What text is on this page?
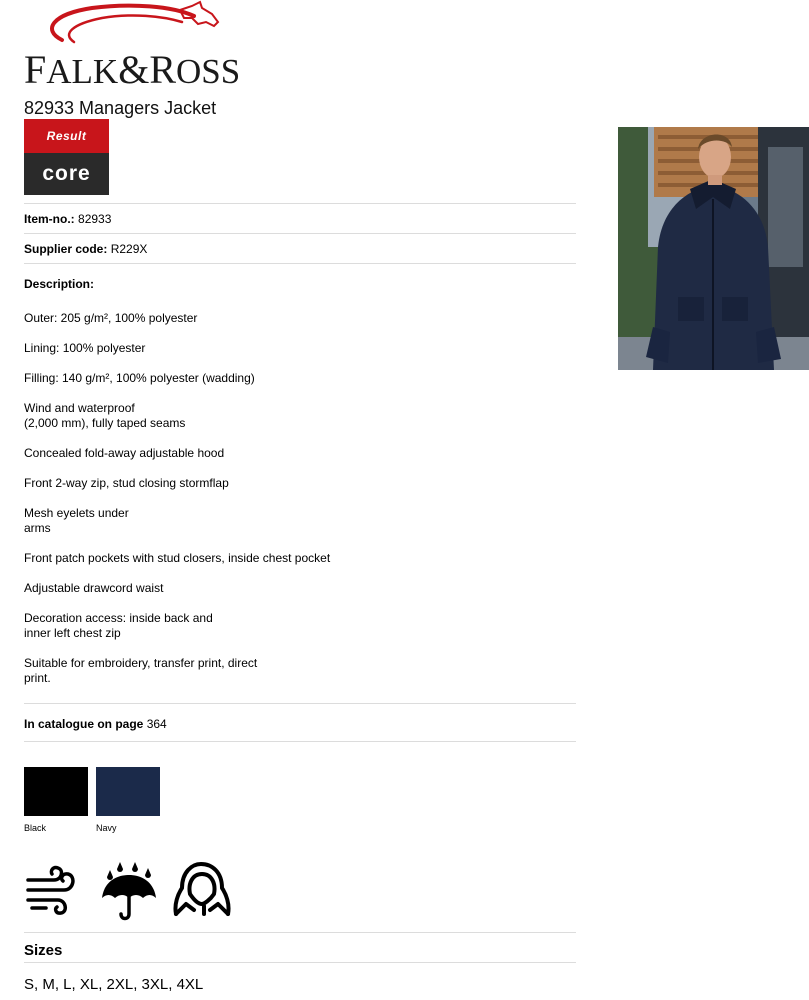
FALK&ROSS
82933 Managers Jacket
Result
core
Item-no.: 82933
Supplier code: R229X
Description:
Outer: 205 g/m², 100% polyester
Lining: 100% polyester
Filling: 140 g/m², 100% polyester (wadding)
Wind and waterproof
(2,000 mm), fully taped seams
Concealed fold-away adjustable hood
Front 2-way zip, stud closing stormflap
Mesh eyelets under
arms
Front patch pockets with stud closers, inside chest pocket
Adjustable drawcord waist
Decoration access: inside back and
inner left chest zip
Suitable for embroidery, transfer print, direct
print.
In catalogue on page 364
Black	Navy
Sizes
S, M, L, XL, 2XL, 3XL, 4XL
